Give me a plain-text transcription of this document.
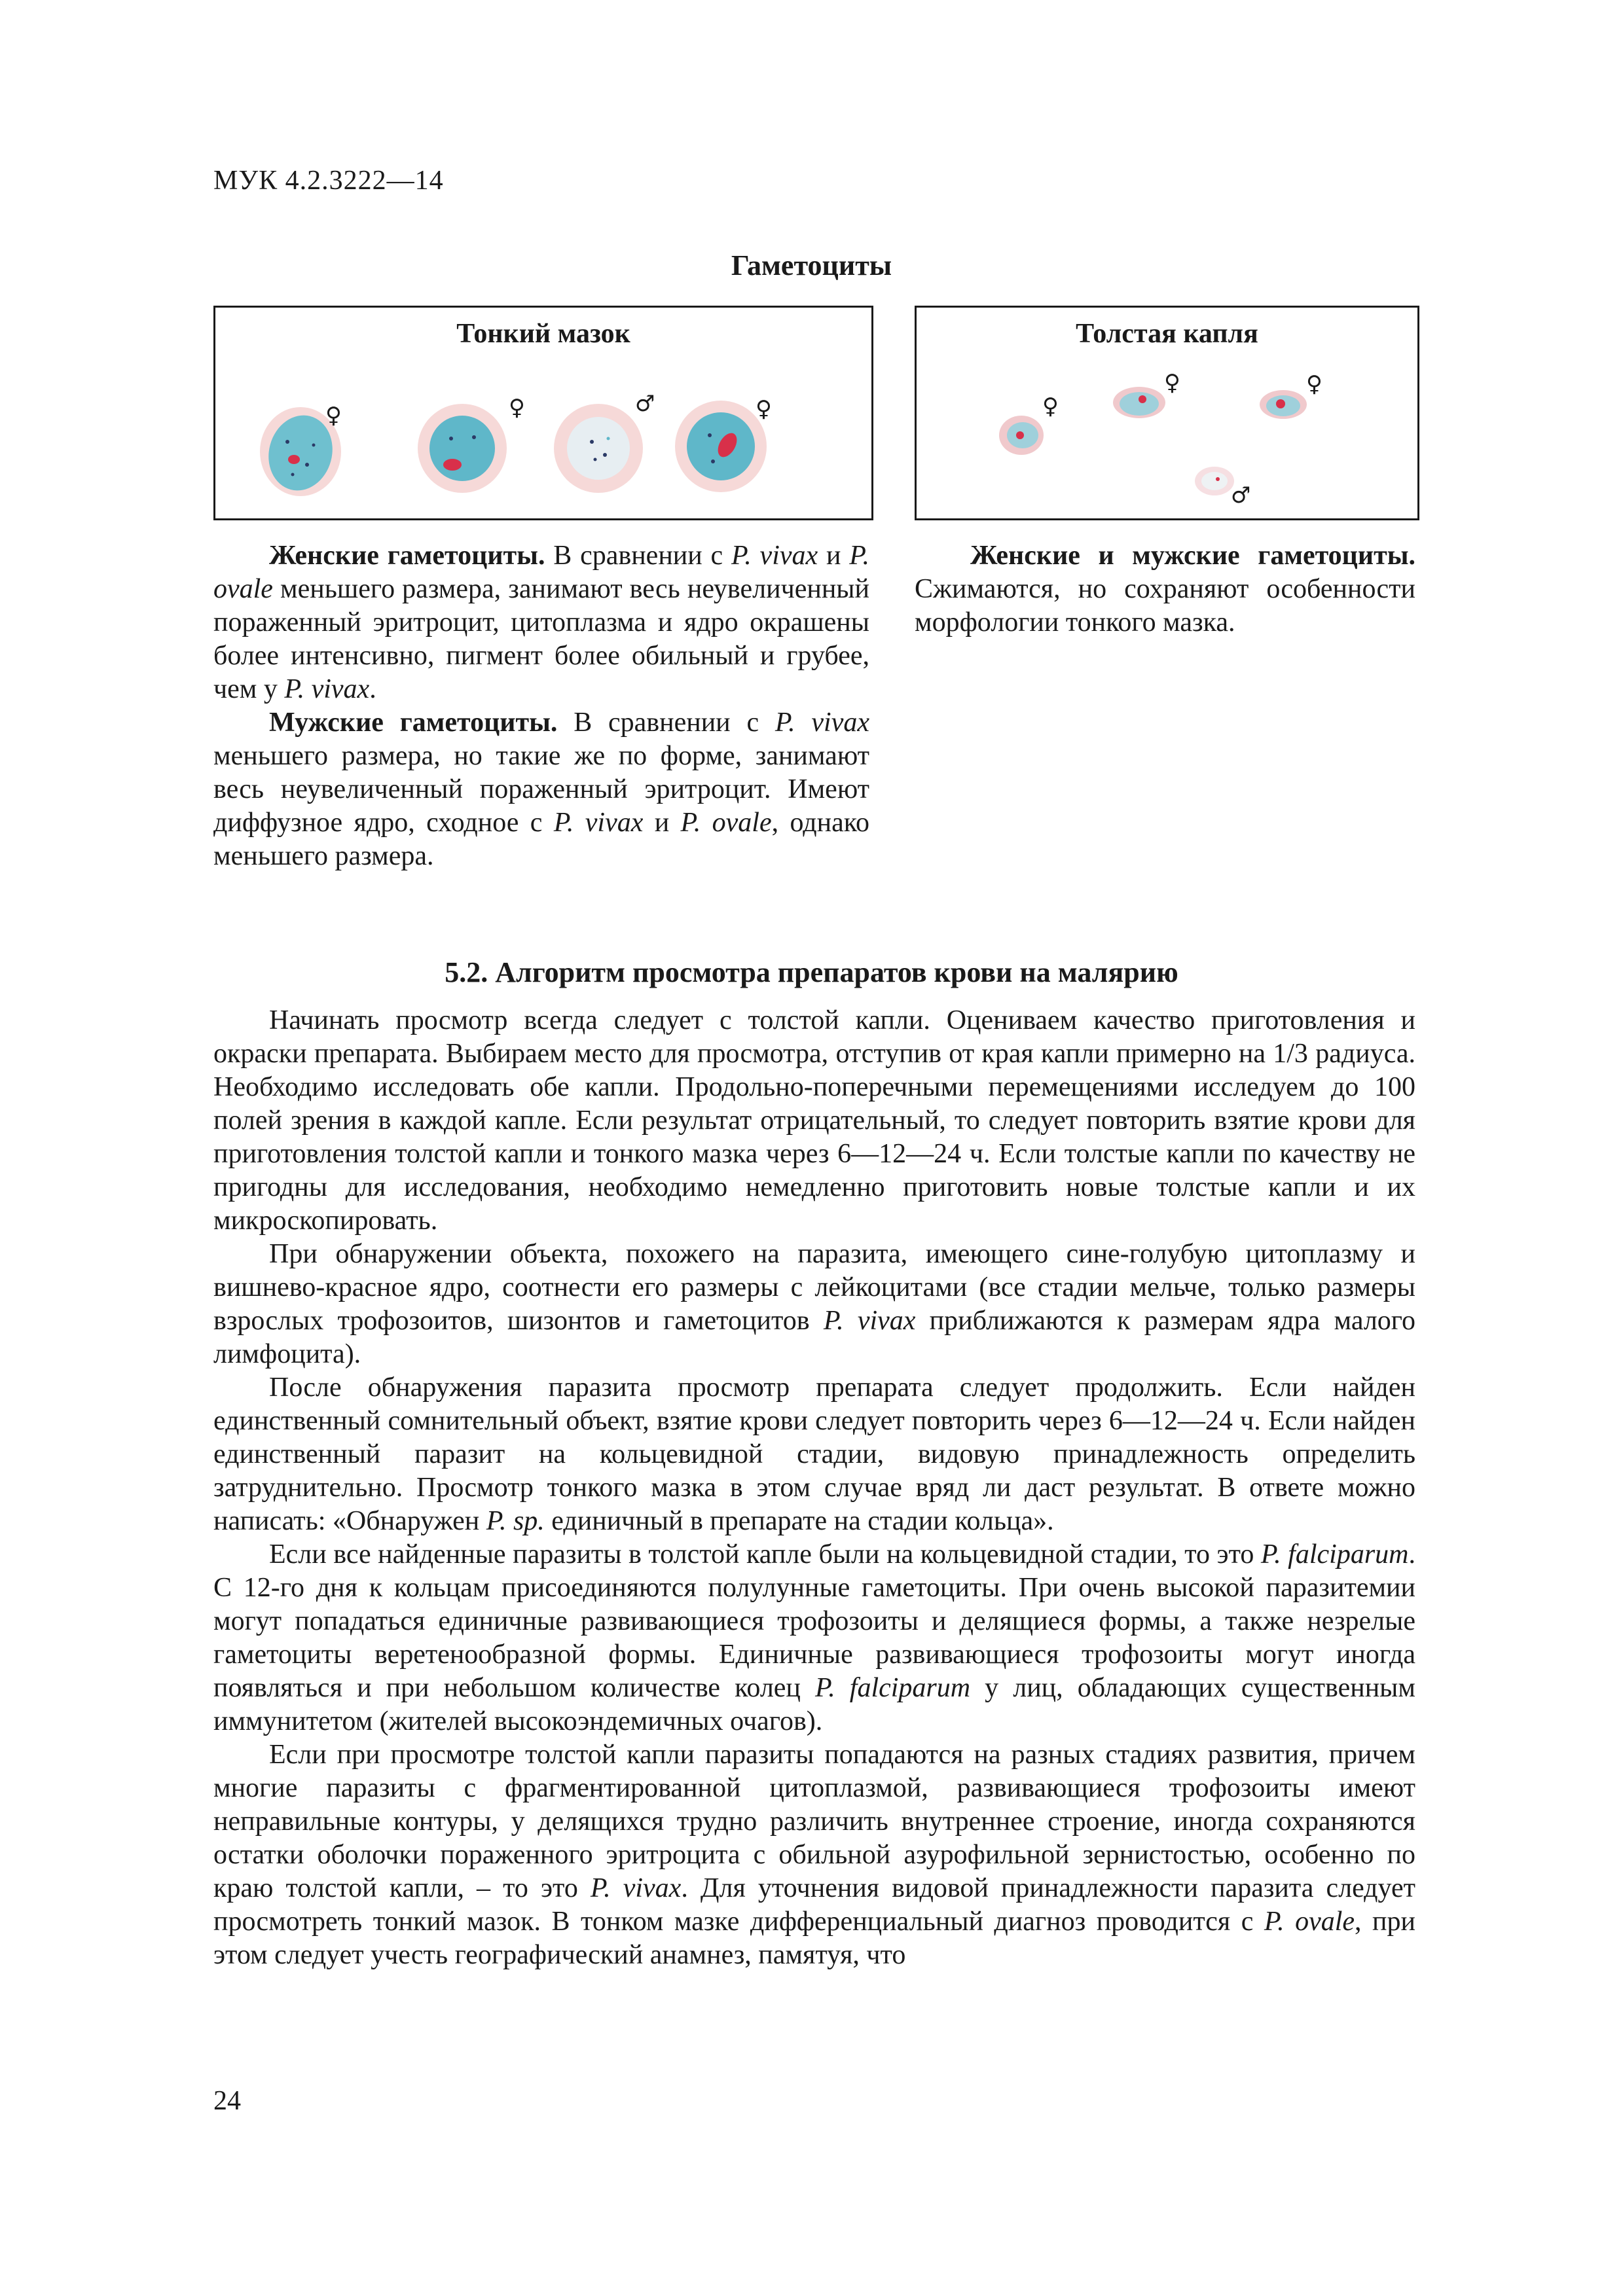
МУК 4.2.3222—14
Гаметоциты
Тонкий мазок
♀	♀	♂	♀
Толстая капля
♀
♀	♀
♂

Женские гаметоциты. В сравнении с P. vivax и P. ovale меньшего размера, занимают весь неувеличенный пораженный эритроцит, цитоплазма и ядро окрашены более интенсивно, пигмент более обильный и грубее, чем у P. vivax.

Мужские гаметоциты. В сравнении с P. vivax меньшего размера, но такие же по форме, занимают весь неувеличенный пораженный эритроцит. Имеют диффузное ядро, сходное с P. vivax и P. ovale, однако меньшего размера.

Женские и мужские гаметоциты. Сжимаются, но сохраняют особенности морфологии тонкого мазка.

5.2. Алгоритм просмотра препаратов крови на малярию

Начинать просмотр всегда следует с толстой капли. Оцениваем качество приготовления и окраски препарата. Выбираем место для просмотра, отступив от края капли примерно на 1/3 радиуса. Необходимо исследовать обе капли. Продольно-поперечными перемещениями исследуем до 100 полей зрения в каждой капле. Если результат отрицательный, то следует повторить взятие крови для приготовления толстой капли и тонкого мазка через 6—12—24 ч. Если толстые капли по качеству не пригодны для исследования, необходимо немедленно приготовить новые толстые капли и их микроскопировать.

При обнаружении объекта, похожего на паразита, имеющего сине-голубую цитоплазму и вишнево-красное ядро, соотнести его размеры с лейкоцитами (все стадии мельче, только размеры взрослых трофозоитов, шизонтов и гаметоцитов P. vivax приближаются к размерам ядра малого лимфоцита).

После обнаружения паразита просмотр препарата следует продолжить. Если найден единственный сомнительный объект, взятие крови следует повторить через 6—12—24 ч. Если найден единственный паразит на кольцевидной стадии, видовую принадлежность определить затруднительно. Просмотр тонкого мазка в этом случае вряд ли даст результат. В ответе можно написать: «Обнаружен P. sp. единичный в препарате на стадии кольца».

Если все найденные паразиты в толстой капле были на кольцевидной стадии, то это P. falciparum. С 12-го дня к кольцам присоединяются полулунные гаметоциты. При очень высокой паразитемии могут попадаться единичные развивающиеся трофозоиты и делящиеся формы, а также незрелые гаметоциты веретенообразной формы. Единичные развивающиеся трофозоиты могут иногда появляться и при небольшом количестве колец P. falciparum у лиц, обладающих существенным иммунитетом (жителей высокоэндемичных очагов).

Если при просмотре толстой капли паразиты попадаются на разных стадиях развития, причем многие паразиты с фрагментированной цитоплазмой, развивающиеся трофозоиты имеют неправильные контуры, у делящихся трудно различить внутреннее строение, иногда сохраняются остатки оболочки пораженного эритроцита с обильной азурофильной зернистостью, особенно по краю толстой капли, – то это P. vivax. Для уточнения видовой принадлежности паразита следует просмотреть тонкий мазок. В тонком мазке дифференциальный диагноз проводится с P. ovale, при этом следует учесть географический анамнез, памятуя, что

24
